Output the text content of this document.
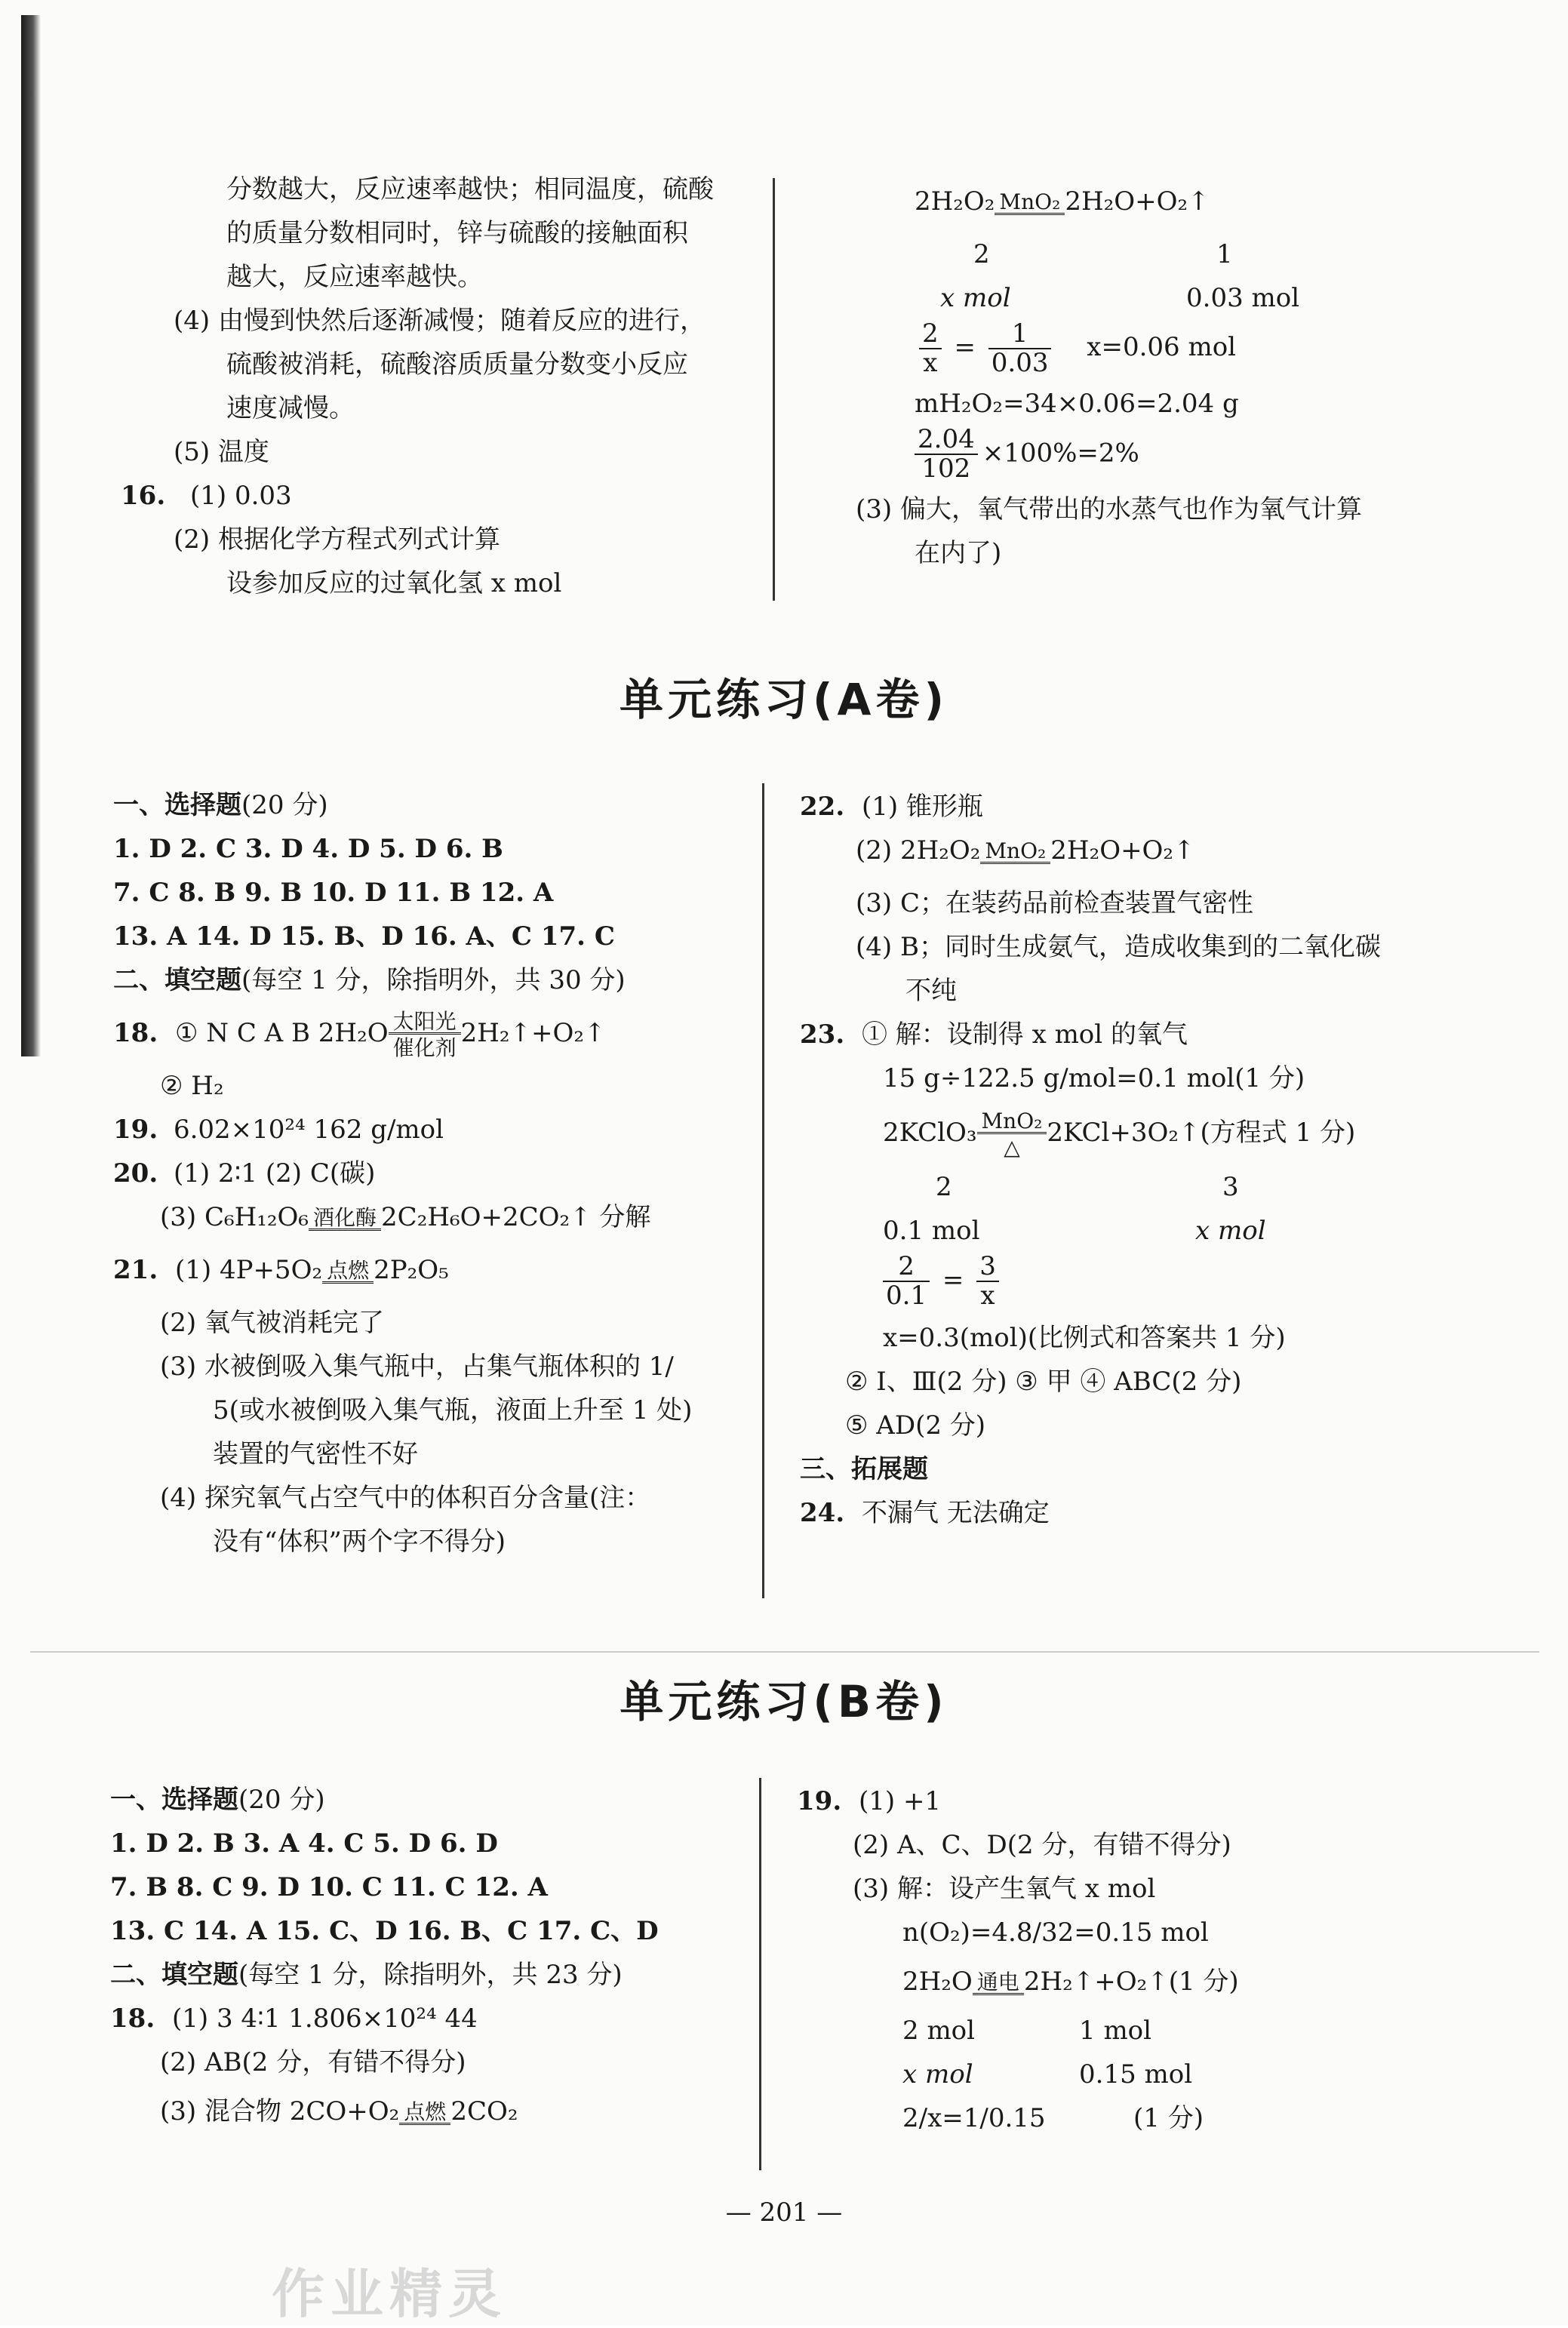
分数越大，反应速率越快；相同温度，硫酸
的质量分数相同时，锌与硫酸的接触面积
越大，反应速率越快。
(4) 由慢到快然后逐渐减慢；随着反应的进行，
硫酸被消耗，硫酸溶质质量分数变小反应
速度减慢。
(5) 温度
16. (1) 0.03
(2) 根据化学方程式列式计算
设参加反应的过氧化氢 x mol
2H₂O₂ MnO₂ 2H₂O+O₂↑
2	1
x mol	0.03 mol
$\frac{2}{x} = \frac{1}{0.03} x=0.06$ mol
mH₂O₂=34×0.06=2.04 g
$\frac{2.04}{102} \times 100\%=2\%$
(3) 偏大，氧气带出的水蒸气也作为氧气计算
在内了)
单元练习(A卷)
一、选择题(20 分)
1. D 2. C 3. D 4. D 5. D 6. B
7. C 8. B 9. B 10. D 11. B 12. A
13. A 14. D 15. B、D 16. A、C 17. C
二、填空题(每空 1 分，除指明外，共 30 分)
18. ① N C A B 2H₂O 太阳光
催化剂 2H₂↑+O₂↑
② H₂
19. 6.02×10²⁴ 162 g/mol
20. (1) 2∶1 (2) C(碳)
(3) C₆H₁₂O₆ 酒化酶 2C₂H₆O+2CO₂↑ 分解
21. (1) 4P+5O₂ 点燃 2P₂O₅
(2) 氧气被消耗完了
(3) 水被倒吸入集气瓶中，占集气瓶体积的 1/
5(或水被倒吸入集气瓶，液面上升至 1 处)
装置的气密性不好
(4) 探究氧气占空气中的体积百分含量(注：
没有“体积”两个字不得分)
22. (1) 锥形瓶
(2) 2H₂O₂ MnO₂ 2H₂O+O₂↑
(3) C；在装药品前检查装置气密性
(4) B；同时生成氨气，造成收集到的二氧化碳
不纯
23. ① 解：设制得 x mol 的氧气
15 g÷122.5 g/mol=0.1 mol(1 分)
2KClO₃ MnO₂
△	2KCl+3O₂↑(方程式 1 分)
2	3
0.1 mol	x mol
$\frac{2}{0.1} = \frac{3}{x}$
x=0.3(mol)(比例式和答案共 1 分)
② Ⅰ、Ⅲ(2 分) ③ 甲 ④ ABC(2 分)
⑤ AD(2 分)
三、拓展题
24. 不漏气 无法确定
单元练习(B卷)
一、选择题(20 分)
1. D 2. B 3. A 4. C 5. D 6. D
7. B 8. C 9. D 10. C 11. C 12. A
13. C 14. A 15. C、D 16. B、C 17. C、D
二、填空题(每空 1 分，除指明外，共 23 分)
18. (1) 3 4∶1 1.806×10²⁴ 44
(2) AB(2 分，有错不得分)
(3) 混合物 2CO+O₂ 点燃 2CO₂
19. (1) +1
(2) A、C、D(2 分，有错不得分)
(3) 解：设产生氧气 x mol
n(O₂)=4.8/32=0.15 mol
2H₂O 通电 2H₂↑+O₂↑(1 分)
2 mol	1 mol
x mol	0.15 mol
2/x=1/0.15	(1 分)
— 201 —
作业精灵
